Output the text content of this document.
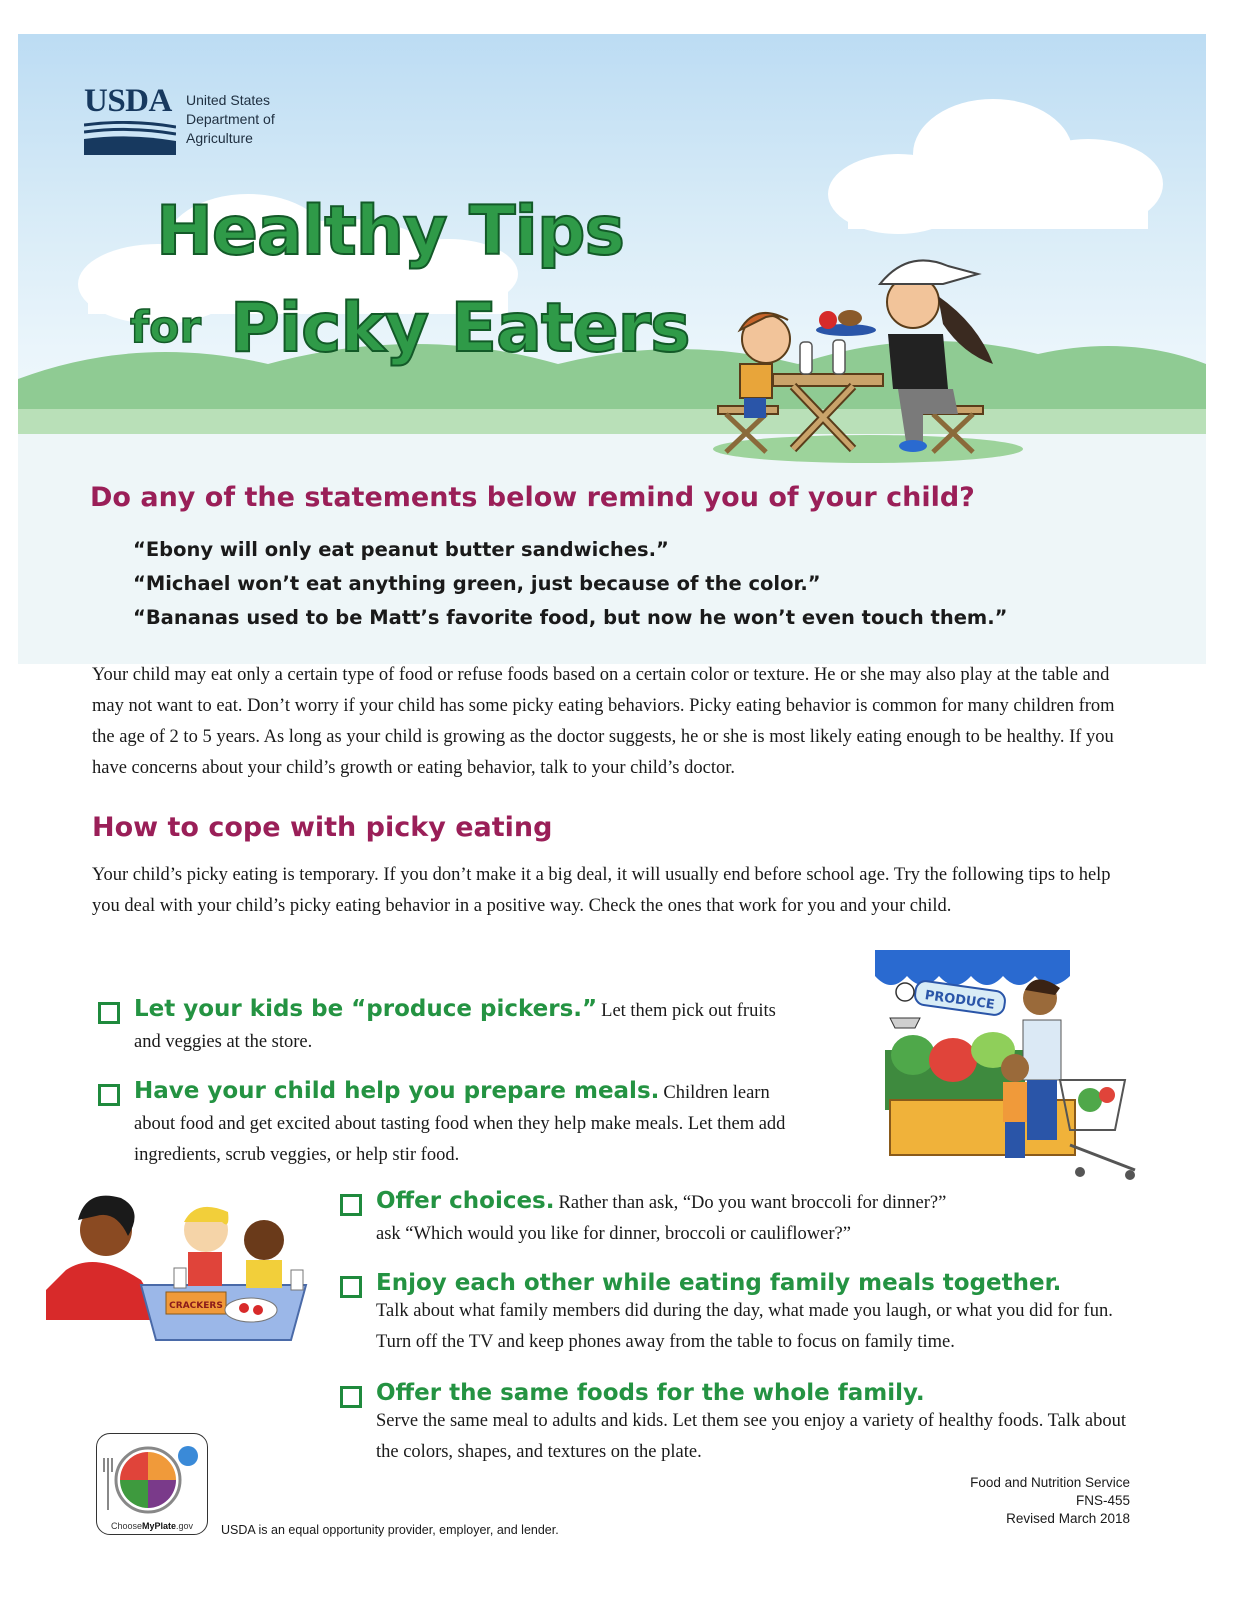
USDA United States
Department of
Agriculture
Healthy Tips
for Picky Eaters
Do any of the statements below remind you of your child?
“Ebony will only eat peanut butter sandwiches.”
“Michael won’t eat anything green, just because of the color.”
“Bananas used to be Matt’s favorite food, but now he won’t even touch them.”
Your child may eat only a certain type of food or refuse foods based on a certain color or texture. He or she may also play at the table and may not want to eat. Don’t worry if your child has some picky eating behaviors. Picky eating behavior is common for many children from the age of 2 to 5 years. As long as your child is growing as the doctor suggests, he or she is most likely eating enough to be healthy. If you have concerns about your child’s growth or eating behavior, talk to your child’s doctor.
How to cope with picky eating
Your child’s picky eating is temporary. If you don’t make it a big deal, it will usually end before school age. Try the following tips to help you deal with your child’s picky eating behavior in a positive way. Check the ones that work for you and your child.
Let your kids be “produce pickers.” Let them pick out fruits
and veggies at the store.
Have your child help you prepare meals. Children learn
about food and get excited about tasting food when they help make meals. Let them add ingredients, scrub veggies, or help stir food.
Offer choices. Rather than ask, “Do you want broccoli for dinner?”
ask “Which would you like for dinner, broccoli or cauliflower?”
Enjoy each other while eating family meals together.
Talk about what family members did during the day, what made you laugh, or what you did for fun. Turn off the TV and keep phones away from the table to focus on family time.
Offer the same foods for the whole family.
Serve the same meal to adults and kids. Let them see you enjoy a variety of healthy foods. Talk about the colors, shapes, and textures on the plate.
PRODUCE
CRACKERS
ChooseMyPlate.gov	USDA is an equal opportunity provider, employer, and lender.
Food and Nutrition Service
FNS-455
Revised March 2018
